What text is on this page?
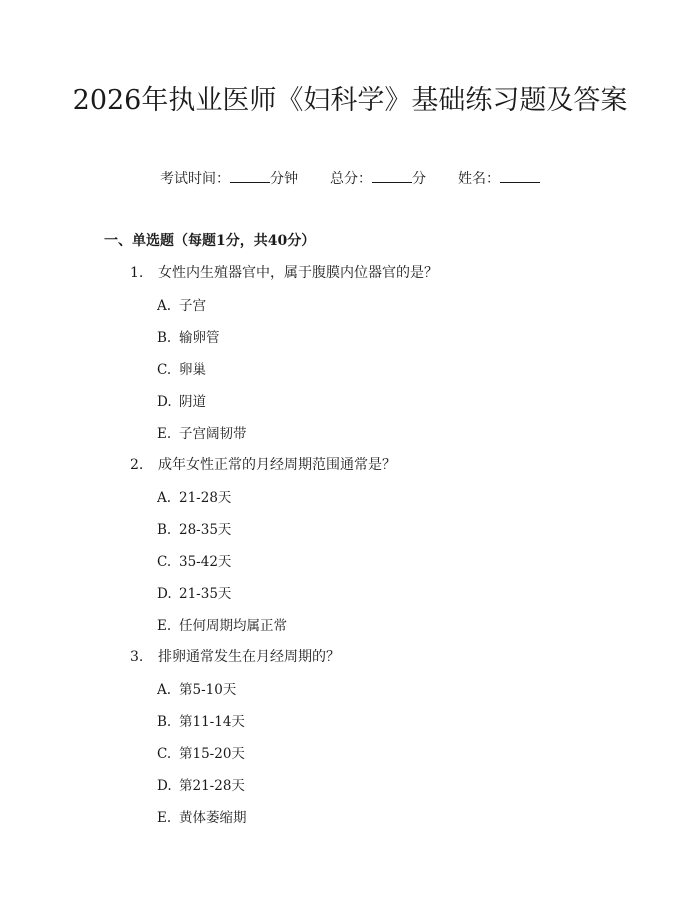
2026年执业医师《妇科学》基础练习题及答案
考试时间：	分钟 总分：	分 姓名：
一、单选题（每题1分，共40分）
1. 女性内生殖器官中，属于腹膜内位器官的是？
A. 子宫
B. 输卵管
C. 卵巢
D. 阴道
E. 子宫阔韧带
2. 成年女性正常的月经周期范围通常是？
A. 21-28天
B. 28-35天
C. 35-42天
D. 21-35天
E. 任何周期均属正常
3. 排卵通常发生在月经周期的？
A. 第5-10天
B. 第11-14天
C. 第15-20天
D. 第21-28天
E. 黄体萎缩期
